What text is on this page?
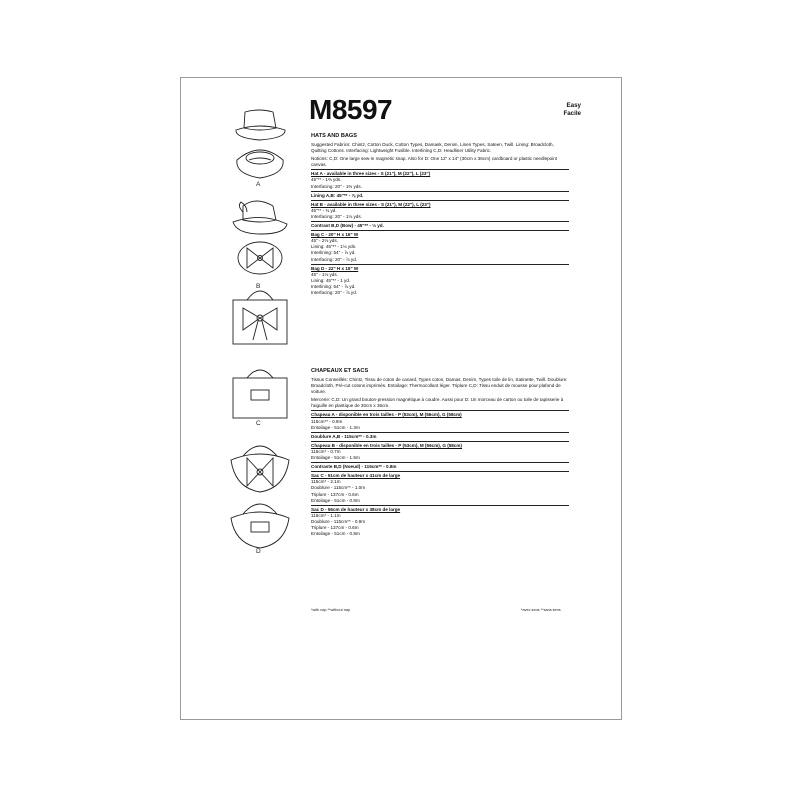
A
B
C
D
M8597	Easy
Facile
HATS AND BAGS

Suggested Fabrics: Chintz, Cotton Duck, Cotton Types, Damask, Denim, Linen Types, Sateen, Twill. Lining: Broadcloth, Quilting Cottons. Interfacing: Lightweight Fusible. Interlining C,D: Headliner Utility Fabric.

Notions: C,D: One large sew-in magnetic snap. Also for D: One 12" x 14" (30cm x 36cm) cardboard or plastic needlepoint canvas.

Hat A - available in three sizes - S (21"), M (22"), L (23")

45"** - 1⅔ yds.

Interfacing: 20" - 1⅔ yds.

Lining A,B: 45"** - ⅞ yd.

Hat B - available in three sizes - S (21"), M (22"), L (23")

45"** - ¾ yd.

Interfacing: 20" - 1⅛ yds.

Contrast B,D (Bow) - 45"** - ⅓ yd.

Bag C - 20" H x 16" W

45" - 2⅛ yds.

Lining: 45"** - 1⅛ yds.

Interlining: 54" - ⅞ yd.

Interfacing: 20" - ⅞ yd.

Bag D - 22" H x 15" W

45" - 1⅛ yds.

Lining: 45"** - 1 yd.

Interlining: 54" - ⅞ yd.

Interfacing: 20" - ⅞ yd.

CHAPEAUX ET SACS

Tissus Conseillés: Chintz, Tissu de coton de canard, Types coton, Damas, Denim, Types toile de lin, Satinette, Twill. Doublure: Broadcloth, Pré-cut cotons imprimés. Entoilage: Thermocollant léger. Triplure C,D: Tissu enduit de mousse pour plafond de voiture.

Mercerie: C,D: Un grand bouton-pression magnétique à coudre. Aussi pour D: Un morceau de carton ou toile de tapisserie à l'aiguille en plastique de 30cm x 36cm.

Chapeau A - disponible en trois tailles - P (53cm), M (56cm), G (58cm)

115cm** - 0.9m

Entoilage - 51cm - 1.3m

Doublure A,B - 115cm** - 0.3m

Chapeau B - disponible en trois tailles - P (53cm), M (56cm), G (58cm)

115cm* - 0.7m

Entoilage - 51cm - 1.5m

Contraste B,D (Noeud) - 115cm** - 0.8m

Sac C - 51cm de hauteur x 41cm de large

115cm* - 2.1m

Doublure - 115cm** - 1.0m

Triplure - 137cm - 0.6m

Entoilage - 51cm - 0.8m

Sac D - 56cm de hauteur x 38cm de large

115cm* - 1.1m

Doublure - 115cm** - 0.9m

Triplure - 137cm - 0.6m

Entoilage - 51cm - 0.8m

*with nap **without nap	*avec sens **sans sens
